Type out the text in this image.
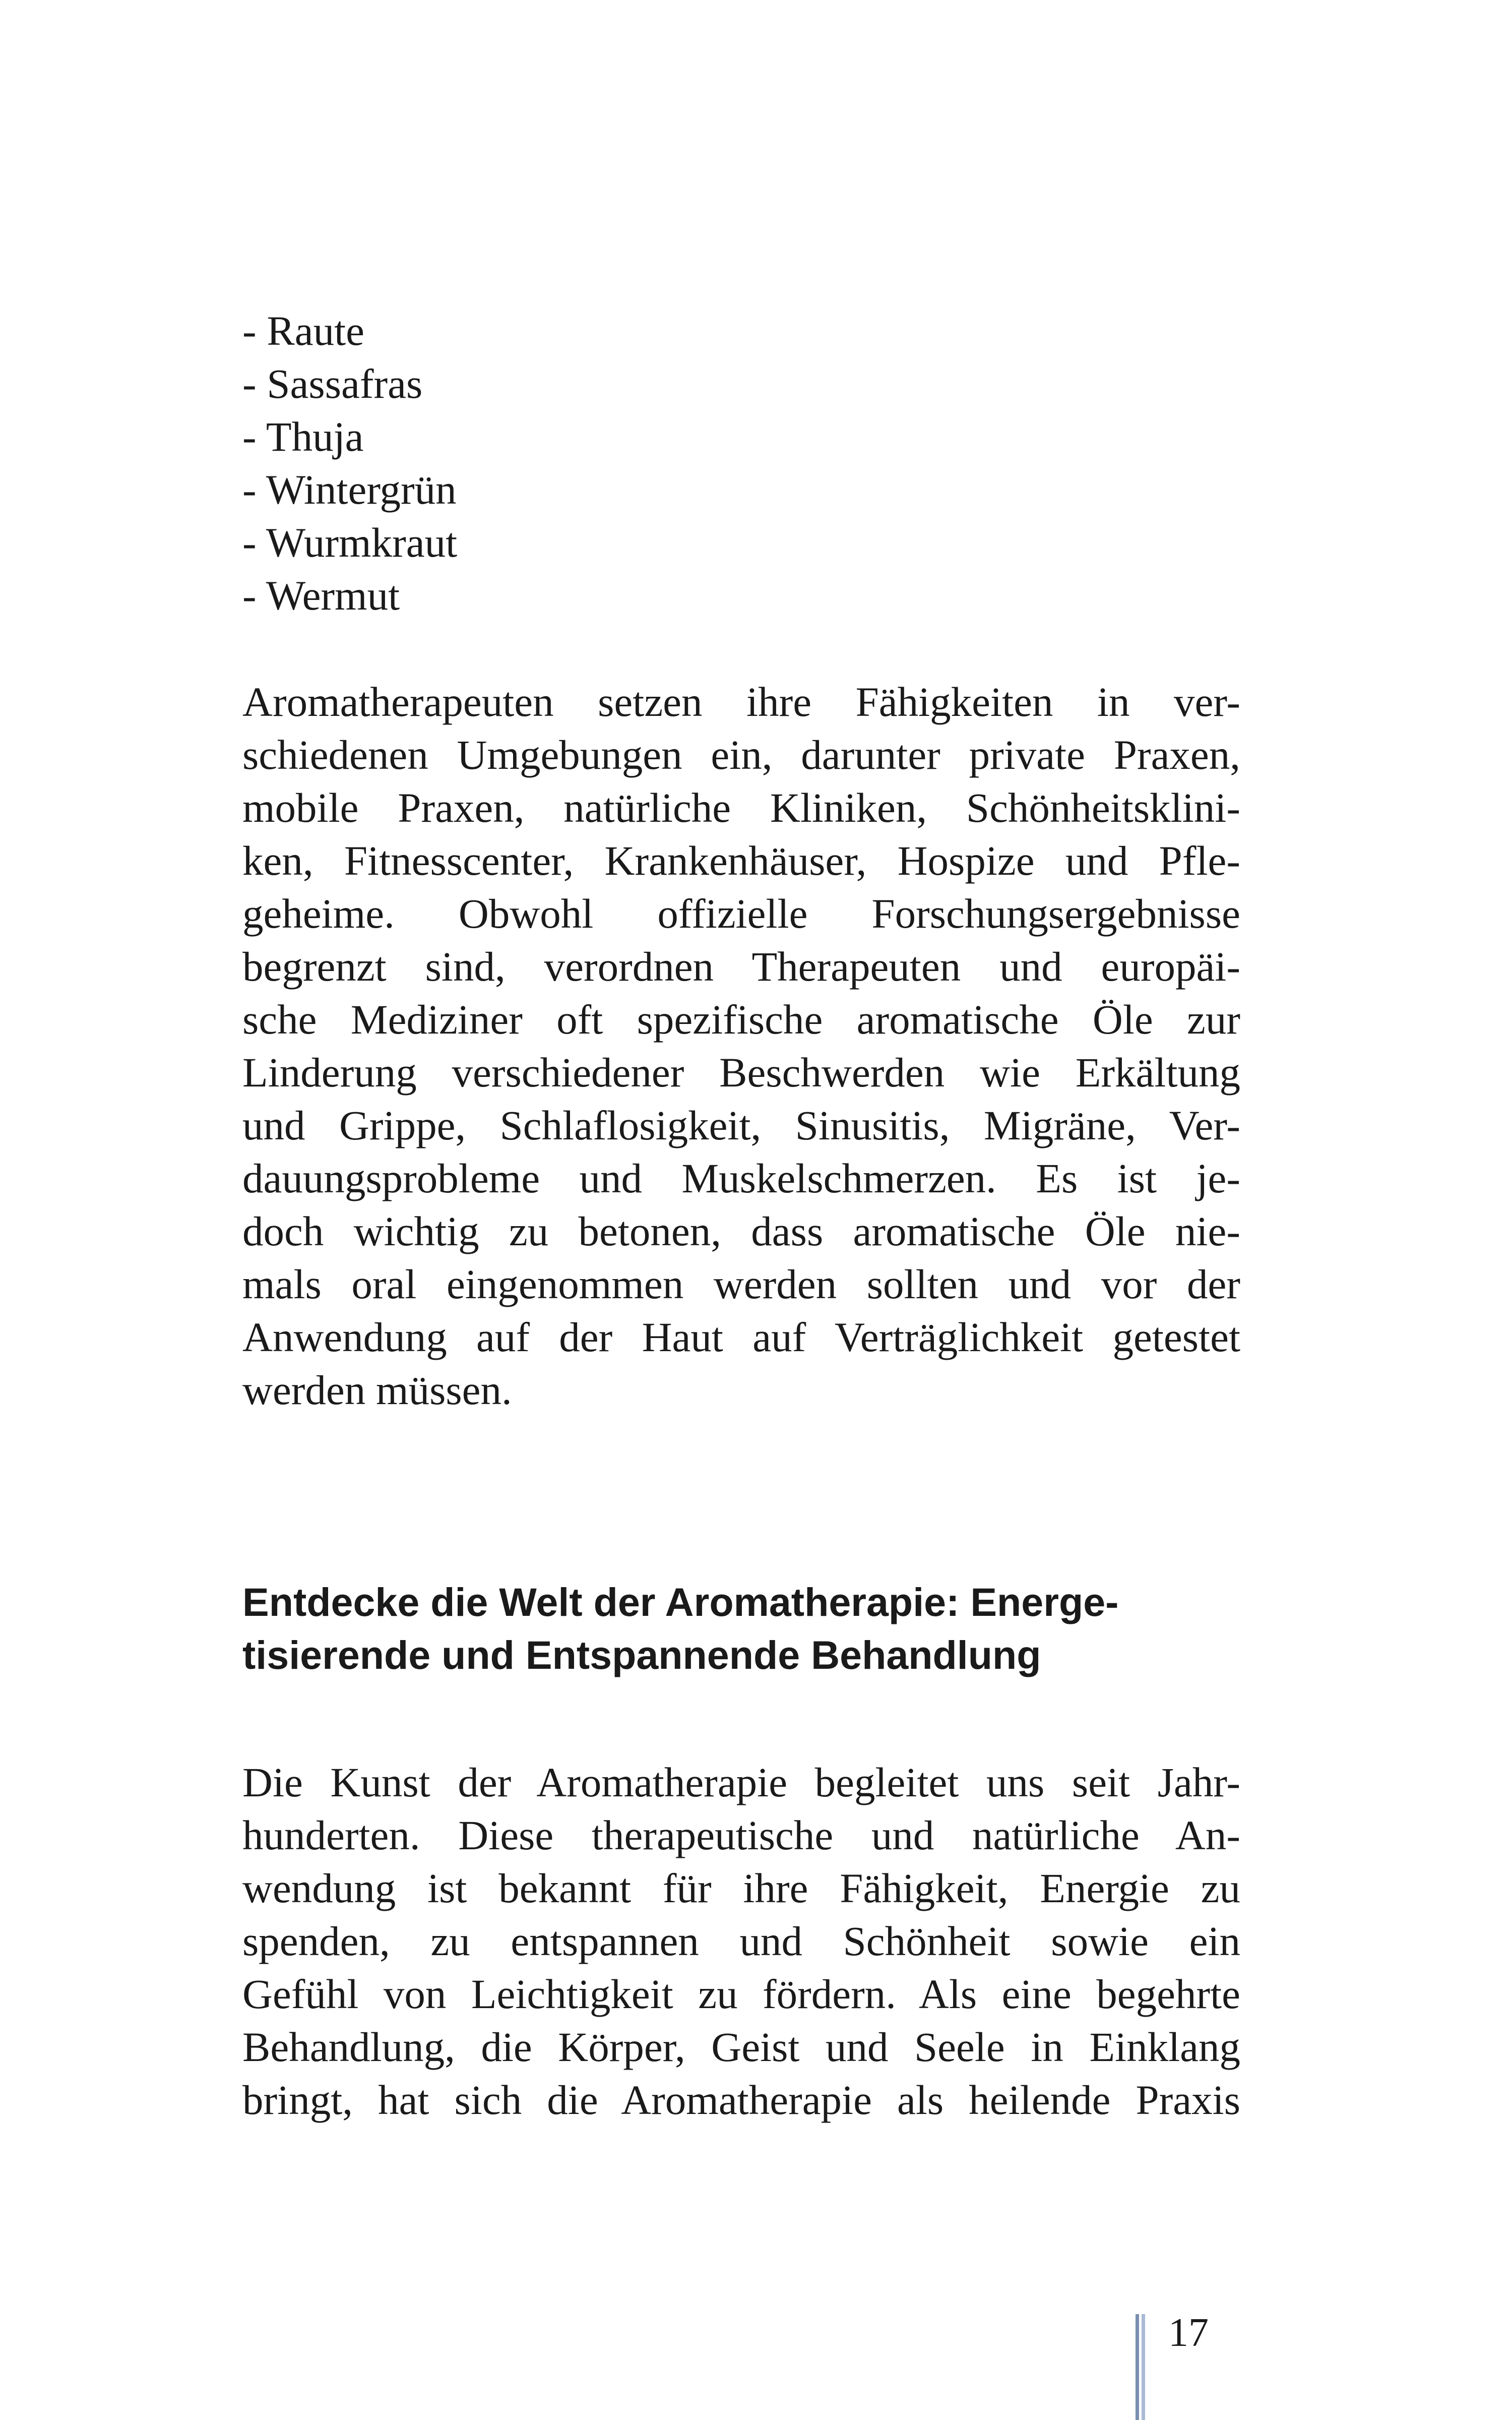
- Raute
- Sassafras
- Thuja
- Wintergrün
- Wurmkraut
- Wermut
Aromatherapeuten setzen ihre Fähigkeiten in ver-
schiedenen Umgebungen ein, darunter private Praxen,
mobile Praxen, natürliche Kliniken, Schönheitsklini-
ken, Fitnesscenter, Krankenhäuser, Hospize und Pfle-
geheime. Obwohl offizielle Forschungsergebnisse
begrenzt sind, verordnen Therapeuten und europäi-
sche Mediziner oft spezifische aromatische Öle zur
Linderung verschiedener Beschwerden wie Erkältung
und Grippe, Schlaflosigkeit, Sinusitis, Migräne, Ver-
dauungsprobleme und Muskelschmerzen. Es ist je-
doch wichtig zu betonen, dass aromatische Öle nie-
mals oral eingenommen werden sollten und vor der
Anwendung auf der Haut auf Verträglichkeit getestet
werden müssen.
Entdecke die Welt der Aromatherapie: Energe-
tisierende und Entspannende Behandlung
Die Kunst der Aromatherapie begleitet uns seit Jahr-
hunderten. Diese therapeutische und natürliche An-
wendung ist bekannt für ihre Fähigkeit, Energie zu
spenden, zu entspannen und Schönheit sowie ein
Gefühl von Leichtigkeit zu fördern. Als eine begehrte
Behandlung, die Körper, Geist und Seele in Einklang
bringt, hat sich die Aromatherapie als heilende Praxis
17
